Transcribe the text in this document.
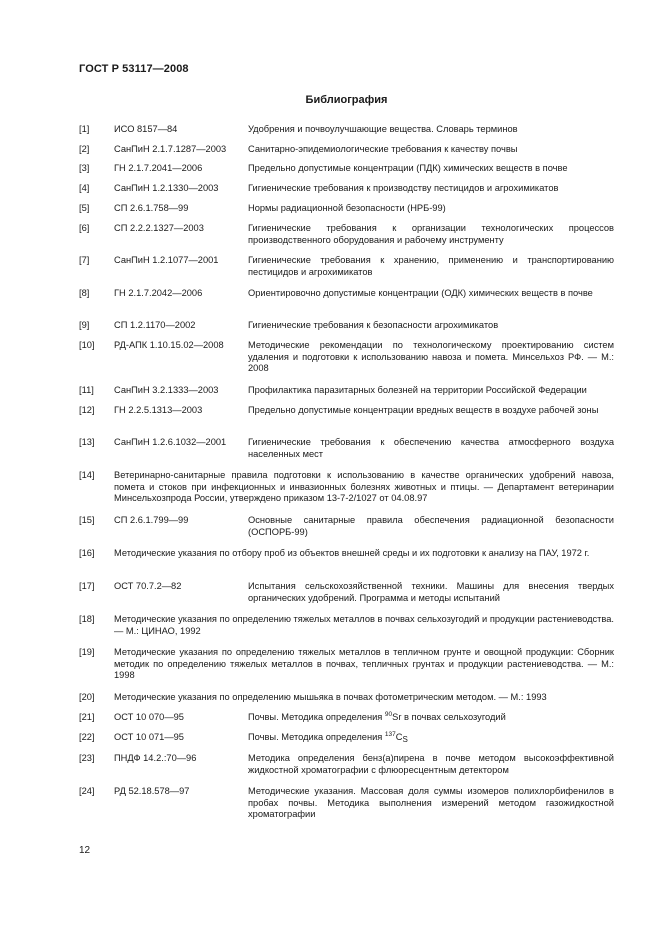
ГОСТ Р 53117—2008
Библиография
[1]	ИСО 8157—84	Удобрения и почвоулучшающие вещества. Словарь терминов
[2]	СанПиН 2.1.7.1287—2003 Санитарно-эпидемиологические требования к качеству почвы
[3]	ГН 2.1.7.2041—2006	Предельно допустимые концентрации (ПДК) химических веществ в почве
[4]	СанПиН 1.2.1330—2003	Гигиенические требования к производству пестицидов и агрохимикатов
[5]	СП 2.6.1.758—99	Нормы радиационной безопасности (НРБ-99)
[6]	СП 2.2.2.1327—2003	Гигиенические требования к организации технологических процессов производственного оборудования и рабочему инструменту
[7]	СанПиН 1.2.1077—2001	Гигиенические требования к хранению, применению и транспортированию пестицидов и агрохимикатов
[8]	ГН 2.1.7.2042—2006	Ориентировочно допустимые концентрации (ОДК) химических веществ в почве
[9]	СП 1.2.1170—2002	Гигиенические требования к безопасности агрохимикатов
[10] РД-АПК 1.10.15.02—2008	Методические рекомендации по технологическому проектированию систем удаления и подготовки к использованию навоза и помета. Минсельхоз РФ. — М.: 2008
[11] СанПиН 3.2.1333—2003	Профилактика паразитарных болезней на территории Российской Федерации
[12] ГН 2.2.5.1313—2003	Предельно допустимые концентрации вредных веществ в воздухе рабочей зоны
[13] СанПиН 1.2.6.1032—2001 Гигиенические требования к обеспечению качества атмосферного воздуха населенных мест
[14] Ветеринарно-санитарные правила подготовки к использованию в качестве органических удобрений навоза, помета и стоков при инфекционных и инвазионных болезнях животных и птицы. — Департамент ветеринарии Минсельхозпрода России, утверждено приказом 13-7-2/1027 от 04.08.97
[15] СП 2.6.1.799—99	Основные санитарные правила обеспечения радиационной безопасности (ОСПОРБ-99)
[16] Методические указания по отбору проб из объектов внешней среды и их подготовки к анализу на ПАУ, 1972 г.
[17] ОСТ 70.7.2—82	Испытания сельскохозяйственной техники. Машины для внесения твердых органических удобрений. Программа и методы испытаний
[18] Методические указания по определению тяжелых металлов в почвах сельхозугодий и продукции растениеводства. — М.: ЦИНАО, 1992
[19] Методические указания по определению тяжелых металлов в тепличном грунте и овощной продукции: Сборник методик по определению тяжелых металлов в почвах, тепличных грунтах и продукции растениеводства. — М.: 1998
[20] Методические указания по определению мышьяка в почвах фотометрическим методом. — М.: 1993
[21] ОСТ 10 070—95	Почвы. Методика определения $^{90}$Sr в почвах сельхозугодий
[22] ОСТ 10 071—95	Почвы. Методика определения $^{137}C_S$
[23] ПНДФ 14.2.:70—96	Методика определения бенз(а)пирена в почве методом высокоэффективной жидкостной хроматографии с флюоресцентным детектором
[24] РД 52.18.578—97	Методические указания. Массовая доля суммы изомеров полихлорбифенилов в пробах почвы. Методика выполнения измерений методом газожидкостной хроматографии
12
